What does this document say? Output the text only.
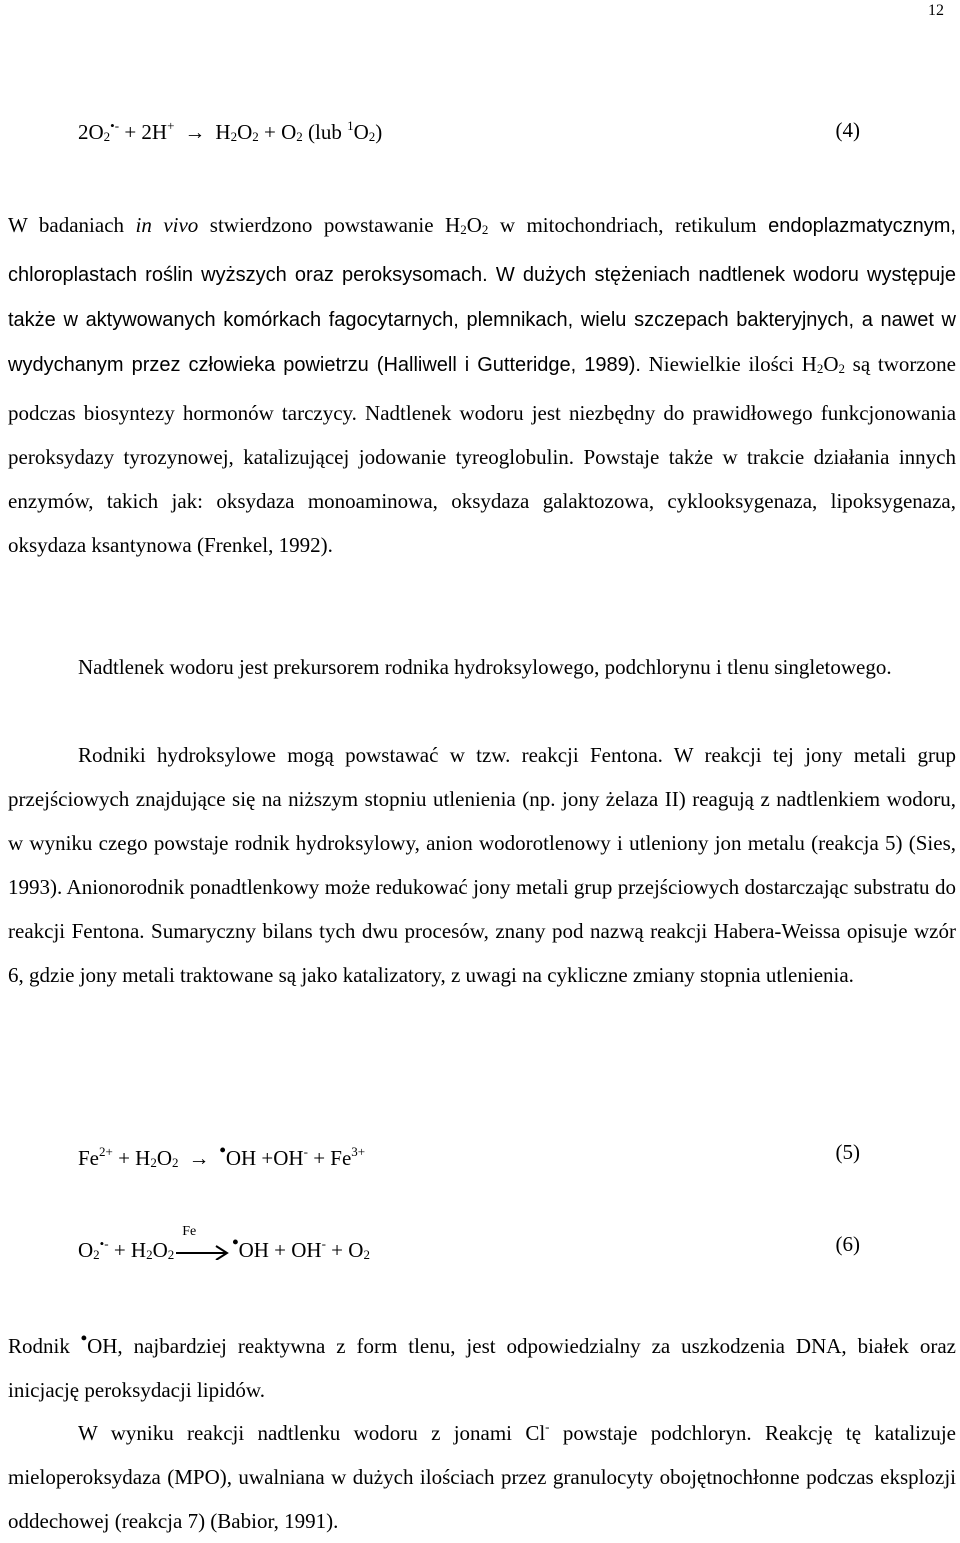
12
$2O_2^{•-} + 2H^+ \to H_2O_2 + O_2$ (lub $^1O_2$)	(4)
W badaniach in vivo stwierdzono powstawanie $H_2O_2$ w mitochondriach, retikulum endoplazmatycznym, chloroplastach roślin wyższych oraz peroksysomach. W dużych stężeniach nadtlenek wodoru występuje także w aktywowanych komórkach fagocytarnych, plemnikach, wielu szczepach bakteryjnych, a nawet w wydychanym przez człowieka powietrzu (Halliwell i Gutteridge, 1989). Niewielkie ilości $H_2O_2$ są tworzone podczas biosyntezy hormonów tarczycy. Nadtlenek wodoru jest niezbędny do prawidłowego funkcjonowania peroksydazy tyrozynowej, katalizującej jodowanie tyreoglobulin. Powstaje także w trakcie działania innych enzymów, takich jak: oksydaza monoaminowa, oksydaza galaktozowa, cyklooksygenaza, lipoksygenaza, oksydaza ksantynowa (Frenkel, 1992).
Nadtlenek wodoru jest prekursorem rodnika hydroksylowego, podchlorynu i tlenu singletowego.
Rodniki hydroksylowe mogą powstawać w tzw. reakcji Fentona. W reakcji tej jony metali grup przejściowych znajdujące się na niższym stopniu utlenienia (np. jony żelaza II) reagują z nadtlenkiem wodoru, w wyniku czego powstaje rodnik hydroksylowy, anion wodorotlenowy i utleniony jon metalu (reakcja 5) (Sies, 1993). Anionorodnik ponadtlenkowy może redukować jony metali grup przejściowych dostarczając substratu do reakcji Fentona. Sumaryczny bilans tych dwu procesów, znany pod nazwą reakcji Habera-Weissa opisuje wzór 6, gdzie jony metali traktowane są jako katalizatory, z uwagi na cykliczne zmiany stopnia utlenienia.
$Fe^{2+} + H_2O_2$ → •OH $+OH^- + Fe^{3+}$	(5)
$O_2^{•-} + H_2O_2$
Fe
•OH + $OH^- + O_2$	(6)
Rodnik •OH, najbardziej reaktywna z form tlenu, jest odpowiedzialny za uszkodzenia DNA, białek oraz inicjację peroksydacji lipidów.
W wyniku reakcji nadtlenku wodoru z jonami Cl- powstaje podchloryn. Reakcję tę katalizuje mieloperoksydaza (MPO), uwalniana w dużych ilościach przez granulocyty obojętnochłonne podczas eksplozji oddechowej (reakcja 7) (Babior, 1991).
